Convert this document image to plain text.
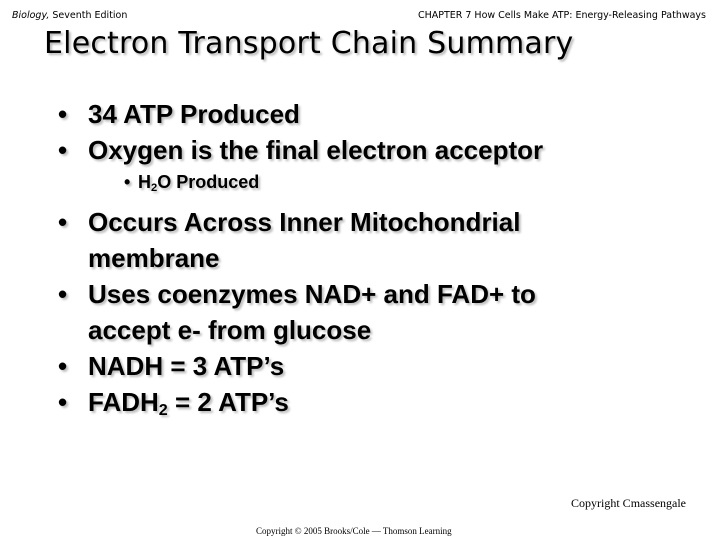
Biology, Seventh Edition	CHAPTER 7 How Cells Make ATP: Energy-Releasing Pathways
Electron Transport Chain Summary
• 34 ATP Produced
• Oxygen is the final electron acceptor
• $H_2O$ Produced
• Occurs Across Inner Mitochondrial
membrane
• Uses coenzymes NAD+ and FAD+ to
accept e- from glucose
• NADH = 3 ATP’s
• $FADH_2 = 2$ ATP’s
Copyright Cmassengale
Copyright © 2005 Brooks/Cole — Thomson Learning
